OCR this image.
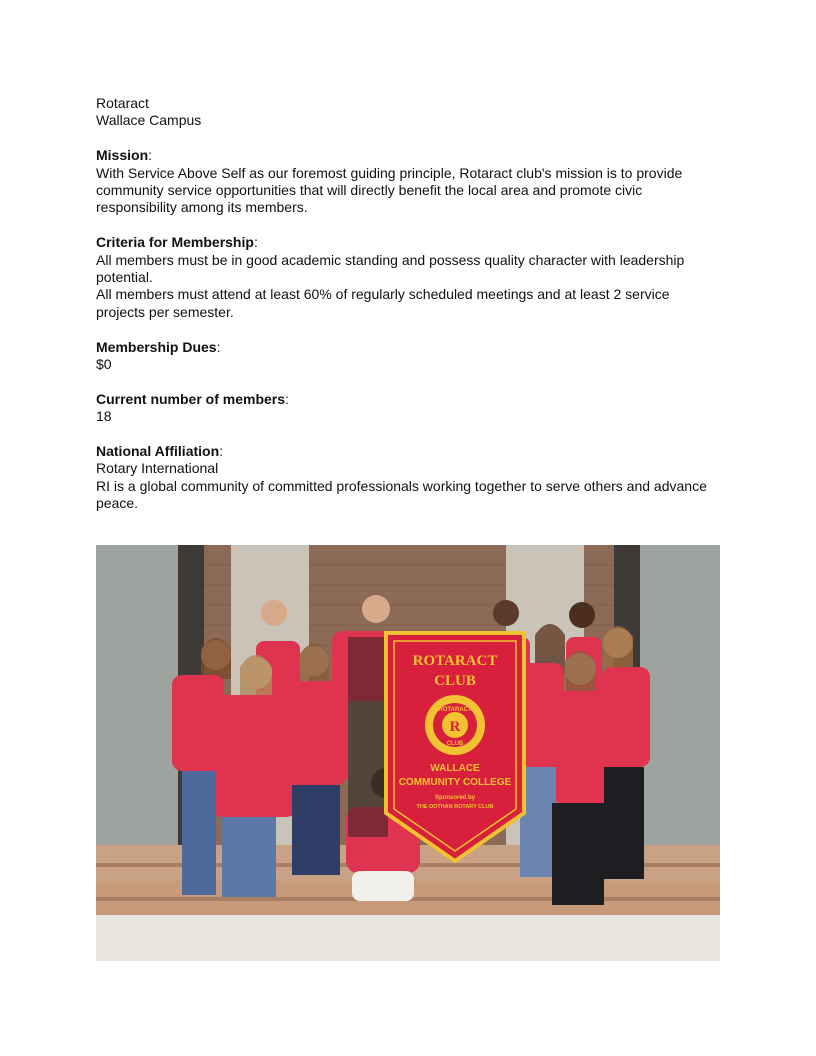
Rotaract
Wallace Campus
Mission:
With Service Above Self as our foremost guiding principle, Rotaract club's mission is to provide community service opportunities that will directly benefit the local area and promote civic responsibility among its members.
Criteria for Membership:
All members must be in good academic standing and possess quality character with leadership potential.
All members must attend at least 60% of regularly scheduled meetings and at least 2 service projects per semester.
Membership Dues:
$0
Current number of members:
18
National Affiliation:
Rotary International
RI is a global community of committed professionals working together to serve others and advance peace.
ROTARACT
CLUB
R
ROTARACT
CLUB
WALLACE
COMMUNITY COLLEGE
Sponsored by
THE DOTHAN ROTARY CLUB
